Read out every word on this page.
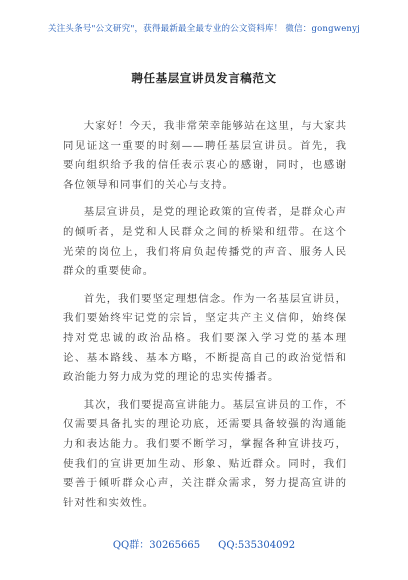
关注头条号"公文研究"，获得最新最全最专业的公文资料库！ 微信：gongwenyj
聘任基层宣讲员发言稿范文

大家好！今天，我非常荣幸能够站在这里，与大家共同见证这一重要的时刻——聘任基层宣讲员。首先，我要向组织给予我的信任表示衷心的感谢，同时，也感谢各位领导和同事们的关心与支持。

基层宣讲员，是党的理论政策的宣传者，是群众心声的倾听者，是党和人民群众之间的桥梁和纽带。在这个光荣的岗位上，我们将肩负起传播党的声音、服务人民群众的重要使命。

首先，我们要坚定理想信念。作为一名基层宣讲员，我们要始终牢记党的宗旨，坚定共产主义信仰，始终保持对党忠诚的政治品格。我们要深入学习党的基本理论、基本路线、基本方略，不断提高自己的政治觉悟和政治能力努力成为党的理论的忠实传播者。

其次，我们要提高宣讲能力。基层宣讲员的工作，不仅需要具备扎实的理论功底，还需要具备较强的沟通能力和表达能力。我们要不断学习，掌握各种宣讲技巧，使我们的宣讲更加生动、形象、贴近群众。同时，我们要善于倾听群众心声，关注群众需求，努力提高宣讲的针对性和实效性。

QQ群：30265665 QQ:535304092
